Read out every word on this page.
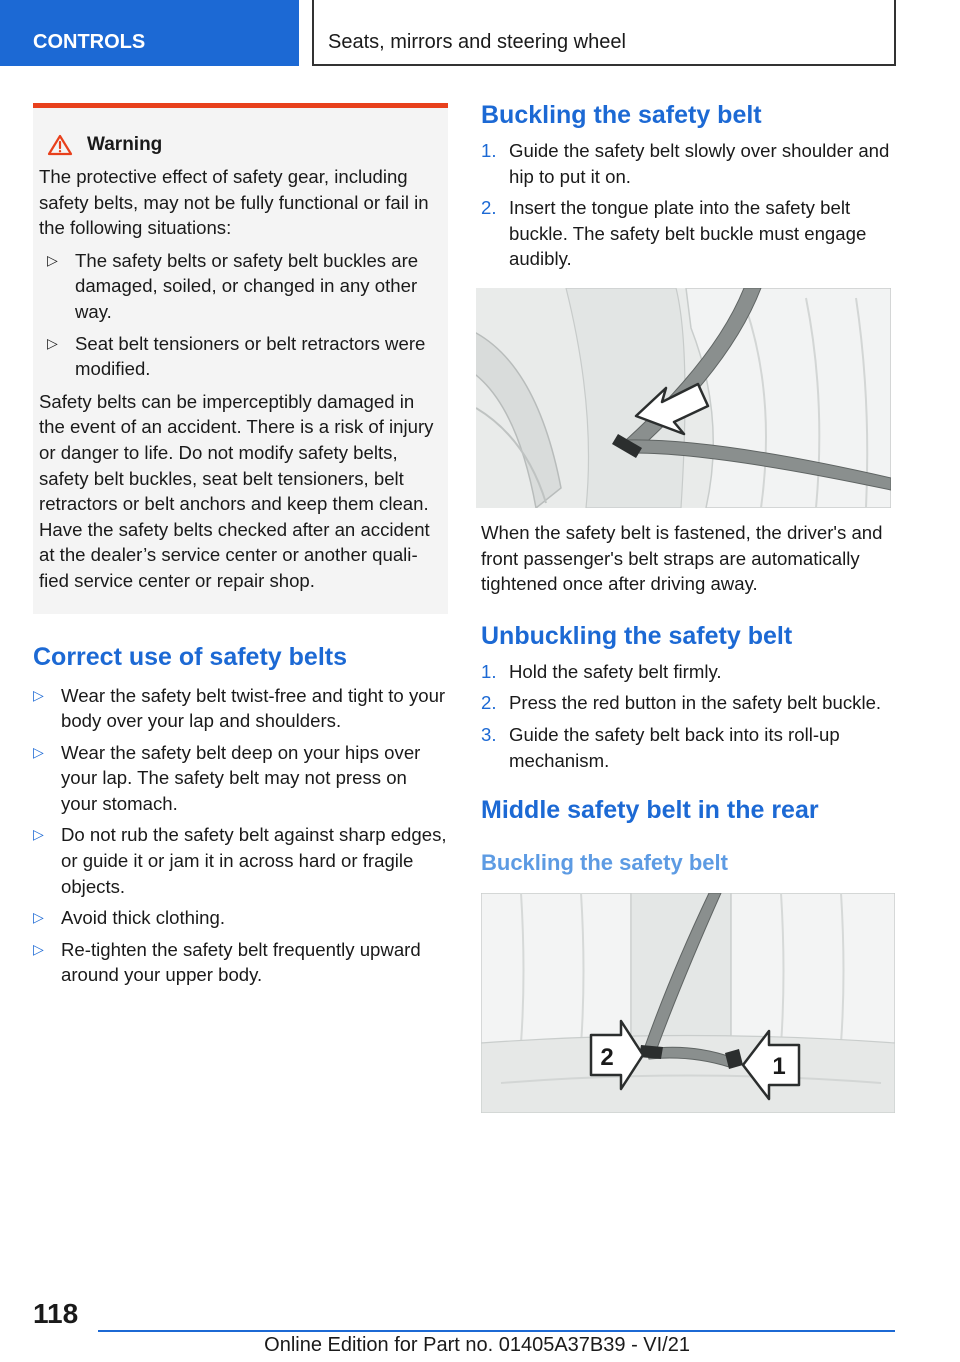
CONTROLS	Seats, mirrors and steering wheel
Warning

The protective effect of safety gear, including safety belts, may not be fully functional or fail in the following situations:

▷ The safety belts or safety belt buckles are damaged, soiled, or changed in any other way.
▷ Seat belt tensioners or belt retractors were modified.

Safety belts can be imperceptibly damaged in the event of an accident. There is a risk of injury or danger to life. Do not modify safety belts, safety belt buckles, seat belt tensioners, belt retractors or belt anchors and keep them clean. Have the safety belts checked after an accident at the dealer’s service center or another quali‐fied service center or repair shop.

Correct use of safety belts
▷ Wear the safety belt twist-free and tight to your body over your lap and shoulders.
▷ Wear the safety belt deep on your hips over your lap. The safety belt may not press on your stomach.
▷ Do not rub the safety belt against sharp edges, or guide it or jam it in across hard or fragile objects.
▷ Avoid thick clothing.
▷ Re-tighten the safety belt frequently upward around your upper body.
Buckling the safety belt
1. Guide the safety belt slowly over shoulder and hip to put it on.
2. Insert the tongue plate into the safety belt buckle. The safety belt buckle must engage audibly.

When the safety belt is fastened, the driver's and front passenger's belt straps are automatically tightened once after driving away.

Unbuckling the safety belt
1. Hold the safety belt firmly.
2. Press the red button in the safety belt buckle.
3. Guide the safety belt back into its roll-up mechanism.
Middle safety belt in the rear
Buckling the safety belt
2	1
118
Online Edition for Part no. 01405A37B39 - VI/21
